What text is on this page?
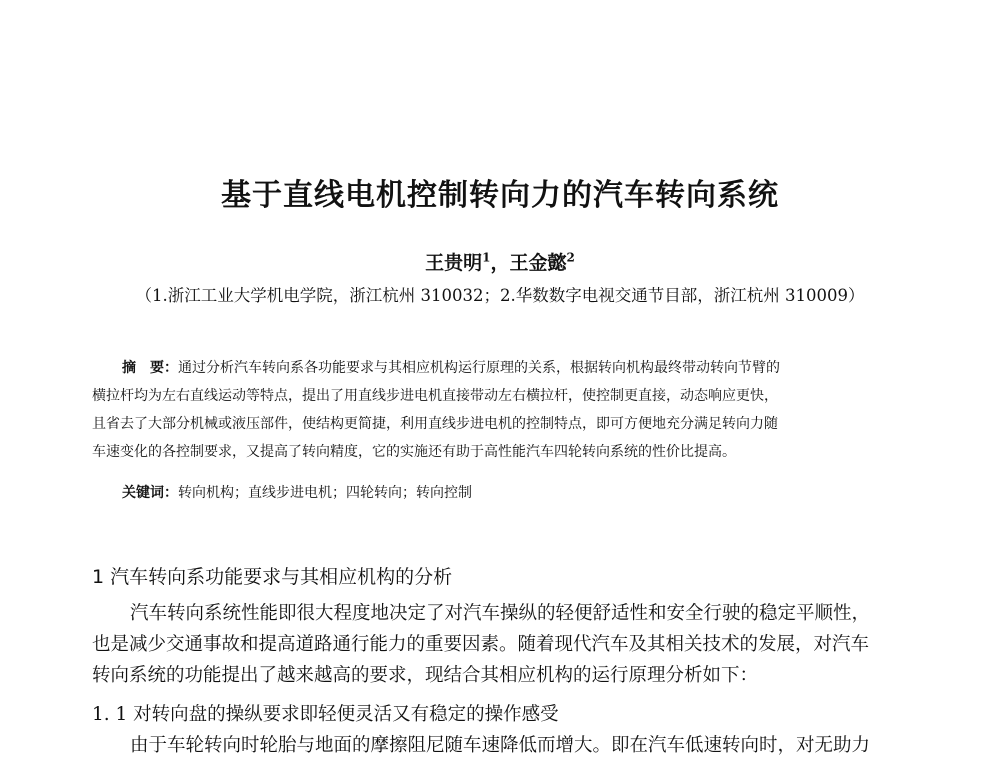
基于直线电机控制转向力的汽车转向系统
王贵明$^1$，王金懿$^2$
（1.浙江工业大学机电学院，浙江杭州 310032；2.华数数字电视交通节目部，浙江杭州 310009）
摘　要：通过分析汽车转向系各功能要求与其相应机构运行原理的关系，根据转向机构最终带动转向节臂的
横拉杆均为左右直线运动等特点，提出了用直线步进电机直接带动左右横拉杆，使控制更直接，动态响应更快，
且省去了大部分机械或液压部件，使结构更简捷，利用直线步进电机的控制特点，即可方便地充分满足转向力随
车速变化的各控制要求，又提高了转向精度，它的实施还有助于高性能汽车四轮转向系统的性价比提高。
关键词：转向机构；直线步进电机；四轮转向；转向控制
1 汽车转向系功能要求与其相应机构的分析
汽车转向系统性能即很大程度地决定了对汽车操纵的轻便舒适性和安全行驶的稳定平顺性，
也是减少交通事故和提高道路通行能力的重要因素。随着现代汽车及其相关技术的发展，对汽车
转向系统的功能提出了越来越高的要求，现结合其相应机构的运行原理分析如下：
1. 1 对转向盘的操纵要求即轻便灵活又有稳定的操作感受
由于车轮转向时轮胎与地面的摩擦阻尼随车速降低而增大。即在汽车低速转向时，对无助力
